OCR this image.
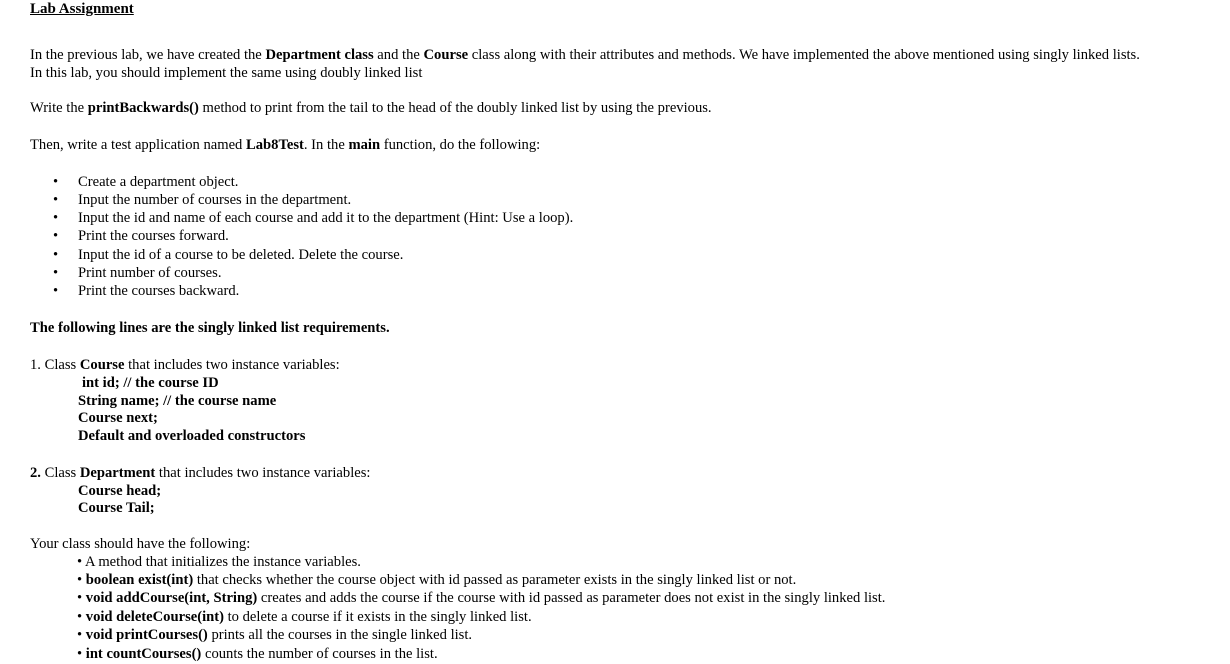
Lab Assignment
In the previous lab, we have created the Department class and the Course class along with their attributes and methods. We have implemented the above mentioned using singly linked lists.
In this lab, you should implement the same using doubly linked list
Write the printBackwards() method to print from the tail to the head of the doubly linked list by using the previous.
Then, write a test application named Lab8Test. In the main function, do the following:
• Create a department object.
• Input the number of courses in the department.
• Input the id and name of each course and add it to the department (Hint: Use a loop).
• Print the courses forward.
• Input the id of a course to be deleted. Delete the course.
• Print number of courses.
• Print the courses backward.
The following lines are the singly linked list requirements.
1. Class Course that includes two instance variables:
int id; // the course ID
String name; // the course name
Course next;
Default and overloaded constructors
2. Class Department that includes two instance variables:
Course head;
Course Tail;
Your class should have the following:
• A method that initializes the instance variables.
• boolean exist(int) that checks whether the course object with id passed as parameter exists in the singly linked list or not.
• void addCourse(int, String) creates and adds the course if the course with id passed as parameter does not exist in the singly linked list.
• void deleteCourse(int) to delete a course if it exists in the singly linked list.
• void printCourses() prints all the courses in the single linked list.
• int countCourses() counts the number of courses in the list.
